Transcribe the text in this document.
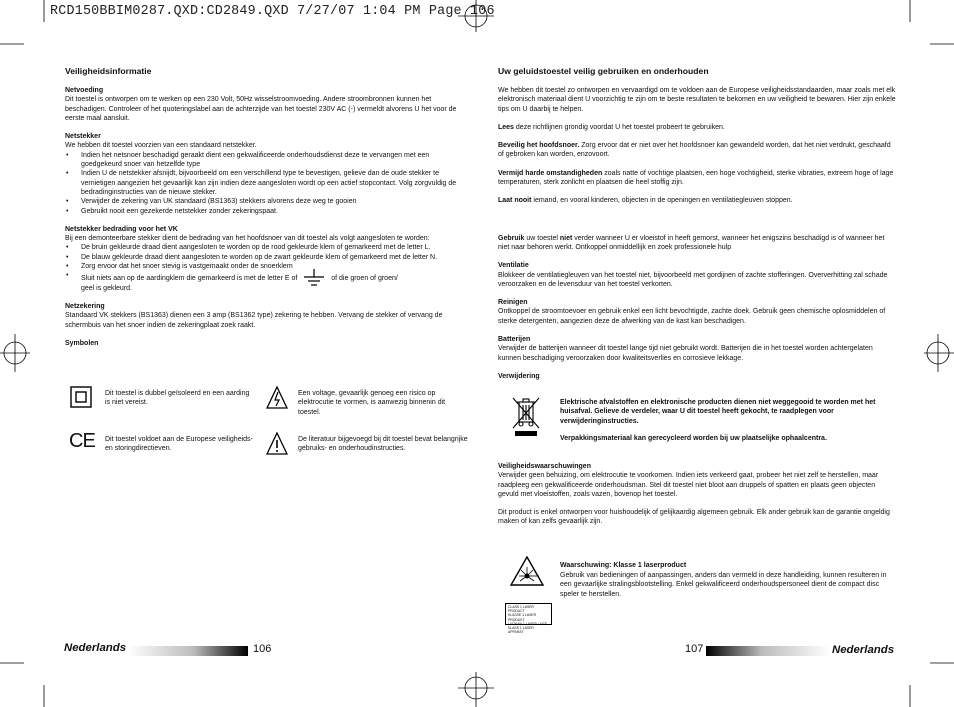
RCD150BBIM0287.QXD:CD2849.QXD 7/27/07 1:04 PM Page 106

Veiligheidsinformatie

Netvoeding

Dit toestel is ontworpen om te werken op een 230 Volt, 50Hz wisselstroomvoeding. Andere stroombronnen kunnen het beschadigen. Controleer of het quoteringslabel aan de achterzijde van het toestel 230V AC (-) vermeldt alvorens U het voor de eerste maal aansluit.

Netstekker

We hebben dit toestel voorzien van een standaard netstekker.

• Indien het netsnoer beschadigd geraakt dient een gekwalificeerde onderhoudsdienst deze te vervangen met een goedgekeurd snoer van hetzelfde type
• Indien U de netstekker afsnijdt, bijvoorbeeld om een verschillend type te bevestigen, gelieve dan de oude stekker te vernietigen aangezien het gevaarlijk kan zijn indien deze aangesloten wordt op een actief stopcontact. Volg zorgvuldig de bedradinginstructies van de nieuwe stekker.
• Verwijder de zekering van UK standaard (BS1363) stekkers alvorens deze weg te gooien
• Gebruikt nooit een gezekerde netstekker zonder zekeringspaat.

Netstekker bedrading voor het VK

Bij een demonteerbare stekker dient de bedrading van het hoofdsnoer van dit toestel als volgt aangesloten te worden:

• De bruin gekleurde draad dient aangesloten te worden op de rood gekleurde klem of gemarkeerd met de letter L.
• De blauw gekleurde draad dient aangesloten te worden op de zwart gekleurde klem of gemarkeerd met de letter N.
• Zorg ervoor dat het snoer stevig is vastgemaakt onder de snoerklem
• Sluit niets aan op de aardingklem die gemarkeerd is met de letter E of	of die groen of groen/
geel is gekleurd.

Netzekering

Standaard VK stekkers (BS1363) dienen een 3 amp (BS1362 type) zekering te hebben. Vervang de stekker of vervang de schermbuis van het snoer indien de zekeringplaat zoek raakt.

Symbolen

Dit toestel is dubbel geïsoleerd en een aarding is niet vereist.
Een voltage, gevaarlijk genoeg een risico op elektrocutie te vormen, is aanwezig binnenin dit toestel.
CE Dit toestel voldoet aan de Europese veiligheids- en storingdirectieven.
De literatuur bijgevoegd bij dit toestel bevat belangrijke gebruiks- en onderhoudinstructies.
Nederlands	106

Uw geluidstoestel veilig gebruiken en onderhouden

We hebben dit toestel zo ontworpen en vervaardigd om te voldoen aan de Europese veiligheidsstandaarden, maar zoals met elk elektronisch materiaal dient U voorzichtig te zijn om te beste resultaten te bekomen en uw veiligheid te bewaren. Hier zijn enkele tips om U daarbij te helpen.

Lees deze richtlijnen grondig voordat U het toestel probeert te gebruiken.

Beveilig het hoofdsnoer. Zorg ervoor dat er niet over het hoofdsnoer kan gewandeld worden, dat het niet verdrukt, geschaafd of gebroken kan worden, enzovoort.

Vermijd harde omstandigheden zoals natte of vochtige plaatsen, een hoge vochtigheid, sterke vibraties, extreem hoge of lage temperaturen, sterk zonlicht en plaatsen die heel stoffig zijn.

Laat nooit iemand, en vooral kinderen, objecten in de openingen en ventilatiegleuven stoppen.

Gebruik uw toestel niet verder wanneer U er vloeistof in heeft gemorst, wanneer het enigszins beschadigd is of wanneer het niet naar behoren werkt. Ontkoppel onmiddellijk en zoek professionele hulp

Ventilatie

Blokkeer de ventilatiegleuven van het toestel niet, bijvoorbeeld met gordijnen of zachte stofferingen. Oververhitting zal schade veroorzaken en de levensduur van het toestel verkorten.

Reinigen

Ontkoppel de stroomtoevoer en gebruik enkel een licht bevochtigde, zachte doek. Gebruik geen chemische oplosmiddelen of sterke detergenten, aangezien deze de afwerking van de kast kan beschadigen.

Batterijen

Verwijder de batterijen wanneer dit toestel lange tijd niet gebruikt wordt. Batterijen die in het toestel worden achtergelaten kunnen beschadiging veroorzaken door kwaliteitsverlies en corrosieve lekkage.

Verwijdering

Elektrische afvalstoffen en elektronische producten dienen niet weggegooid te worden met het huisafval. Gelieve de verdeler, waar U dit toestel heeft gekocht, te raadplegen voor verwijderinginstructies.
Verpakkingsmateriaal kan gerecycleerd worden bij uw plaatselijke ophaalcentra.

Veiligheidswaarschuwingen

Verwijder geen behuizing, om elektrocutie te voorkomen. Indien iets verkeerd gaat, probeer het niet zelf te herstellen, maar raadpleeg een gekwalificeerde onderhoudsman. Stel dit toestel niet bloot aan druppels of spatten en plaats geen objecten gevuld met vloeistoffen, zoals vazen, bovenop het toestel.

Dit product is enkel ontworpen voor huishoudelijk of gelijkaardig algemeen gebruik. Elk ander gebruik kan de garantie ongeldig maken of kan zelfs gevaarlijk zijn.

Waarschuwing: Klasse 1 laserproduct
Gebruik van bedieningen of aanpassingen, anders dan vermeld in deze handleiding, kunnen resulteren in een gevaarlijke stralingsblootstelling. Enkel gekwalificeerd onderhoudspersoneel dient de compact disc speler te herstellen.
CLASS 1 LASER PRODUCT
KLASSE 1 LASER PRODUKT
LUOKAN 1 LASER LAITE
KLASS 1 LASER APPARAT
107	Nederlands
